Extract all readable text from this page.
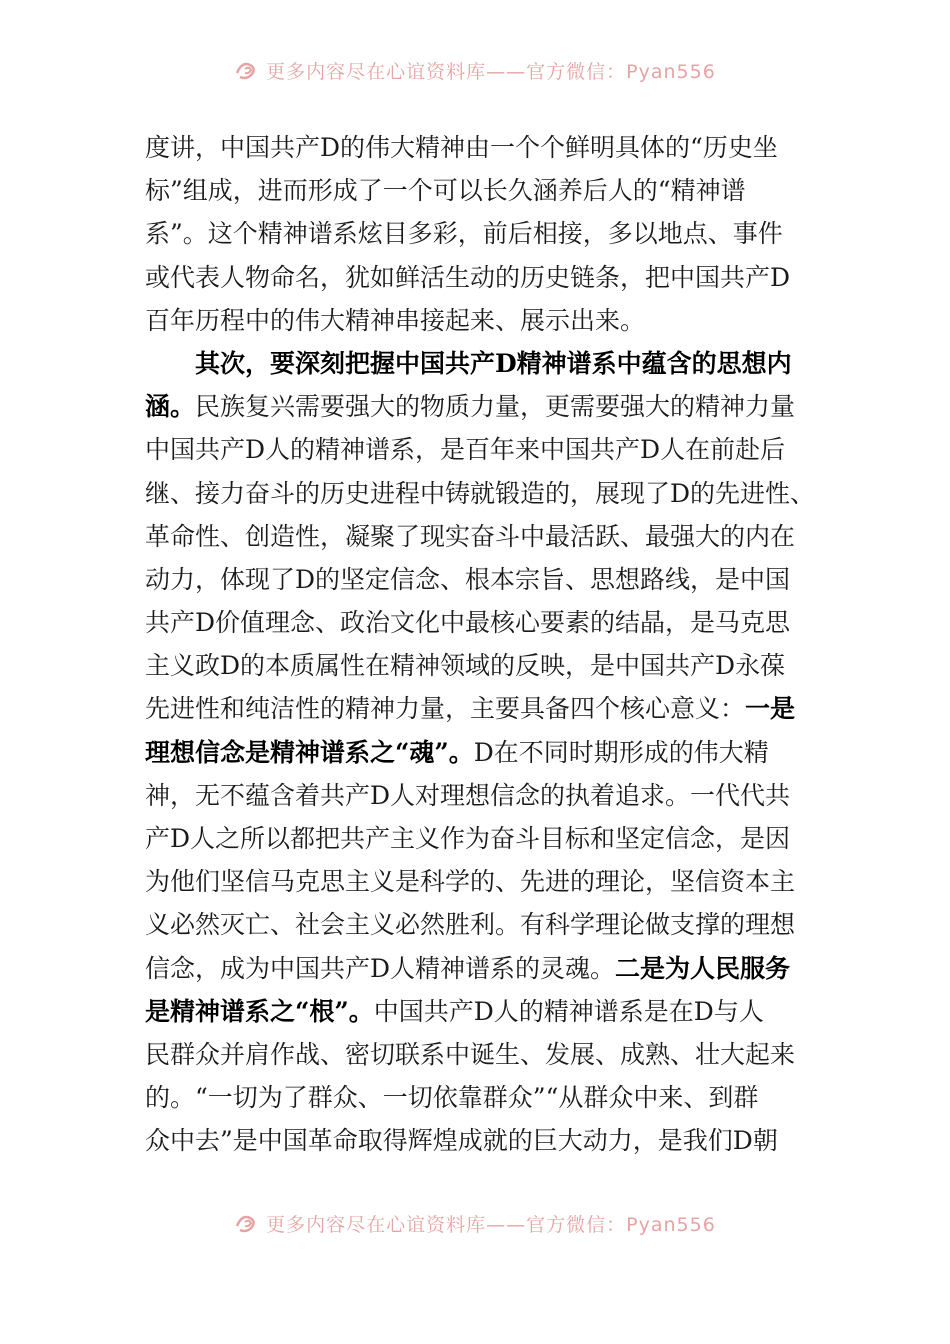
更多内容尽在心谊资料库——官方微信：Pyan556
度讲，中国共产D的伟大精神由一个个鲜明具体的“历史坐
标”组成，进而形成了一个可以长久涵养后人的“精神谱
系”。这个精神谱系炫目多彩，前后相接，多以地点、事件
或代表人物命名，犹如鲜活生动的历史链条，把中国共产D
百年历程中的伟大精神串接起来、展示出来。
其次，要深刻把握中国共产D精神谱系中蕴含的思想内
涵。民族复兴需要强大的物质力量，更需要强大的精神力量
中国共产D人的精神谱系，是百年来中国共产D人在前赴后
继、接力奋斗的历史进程中铸就锻造的，展现了D的先进性、
革命性、创造性，凝聚了现实奋斗中最活跃、最强大的内在
动力，体现了D的坚定信念、根本宗旨、思想路线，是中国
共产D价值理念、政治文化中最核心要素的结晶，是马克思
主义政D的本质属性在精神领域的反映，是中国共产D永葆
先进性和纯洁性的精神力量，主要具备四个核心意义：一是
理想信念是精神谱系之“魂”。D在不同时期形成的伟大精
神，无不蕴含着共产D人对理想信念的执着追求。一代代共
产D人之所以都把共产主义作为奋斗目标和坚定信念，是因
为他们坚信马克思主义是科学的、先进的理论，坚信资本主
义必然灭亡、社会主义必然胜利。有科学理论做支撑的理想
信念，成为中国共产D人精神谱系的灵魂。二是为人民服务
是精神谱系之“根”。中国共产D人的精神谱系是在D与人
民群众并肩作战、密切联系中诞生、发展、成熟、壮大起来
的。“一切为了群众、一切依靠群众”“从群众中来、到群
众中去”是中国革命取得辉煌成就的巨大动力，是我们D朝
更多内容尽在心谊资料库——官方微信：Pyan556
